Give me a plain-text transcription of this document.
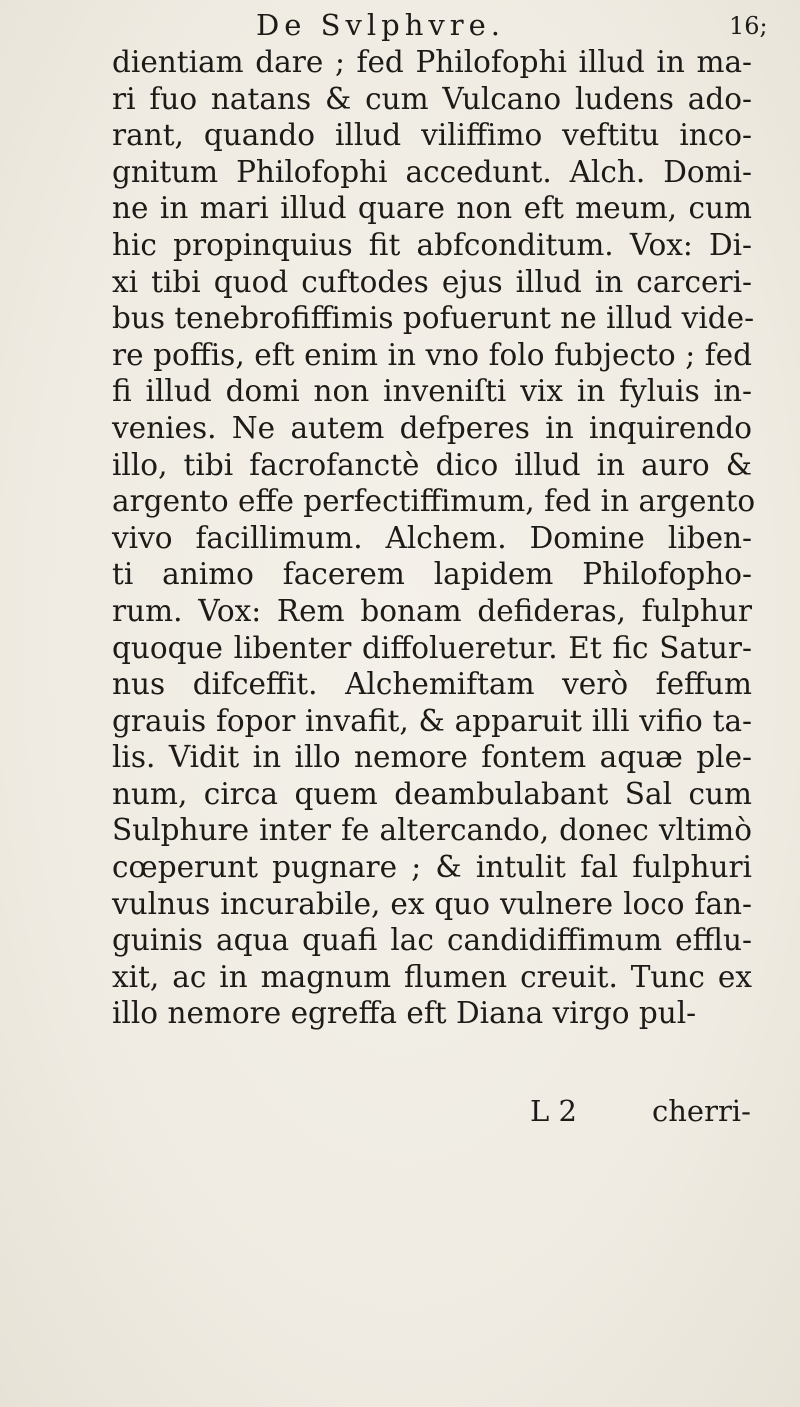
De Svlphvre.	16;
dientiam dare ; fed Philofophi illud in ma-
ri fuo natans & cum Vulcano ludens ado-
rant, quando illud viliffimo veftitu inco-
gnitum Philofophi accedunt. Alch. Domi-
ne in mari illud quare non eft meum, cum
hic propinquius fit abfconditum. Vox: Di-
xi tibi quod cuftodes ejus illud in carceri-
bus tenebrofiffimis pofuerunt ne illud vide-
re poffis, eft enim in vno folo fubjecto ; fed
fi illud domi non inveniſti vix in fyluis in-
venies. Ne autem defperes in inquirendo
illo, tibi facrofanctè dico illud in auro &
argento effe perfectiffimum, fed in argento
vivo facillimum. Alchem. Domine liben-
ti animo facerem lapidem Philofopho-
rum. Vox: Rem bonam defideras, fulphur
quoque libenter diffolueretur. Et fic Satur-
nus difceffit. Alchemiftam verò feffum
grauis fopor invafit, & apparuit illi vifio ta-
lis. Vidit in illo nemore fontem aquæ ple-
num, circa quem deambulabant Sal cum
Sulphure inter fe altercando, donec vltimò
cœperunt pugnare ; & intulit fal fulphuri
vulnus incurabile, ex quo vulnere loco fan-
guinis aqua quafi lac candidiffimum efflu-
xit, ac in magnum flumen creuit. Tunc ex
illo nemore egreffa eft Diana virgo pul-
L 2	cherri-
